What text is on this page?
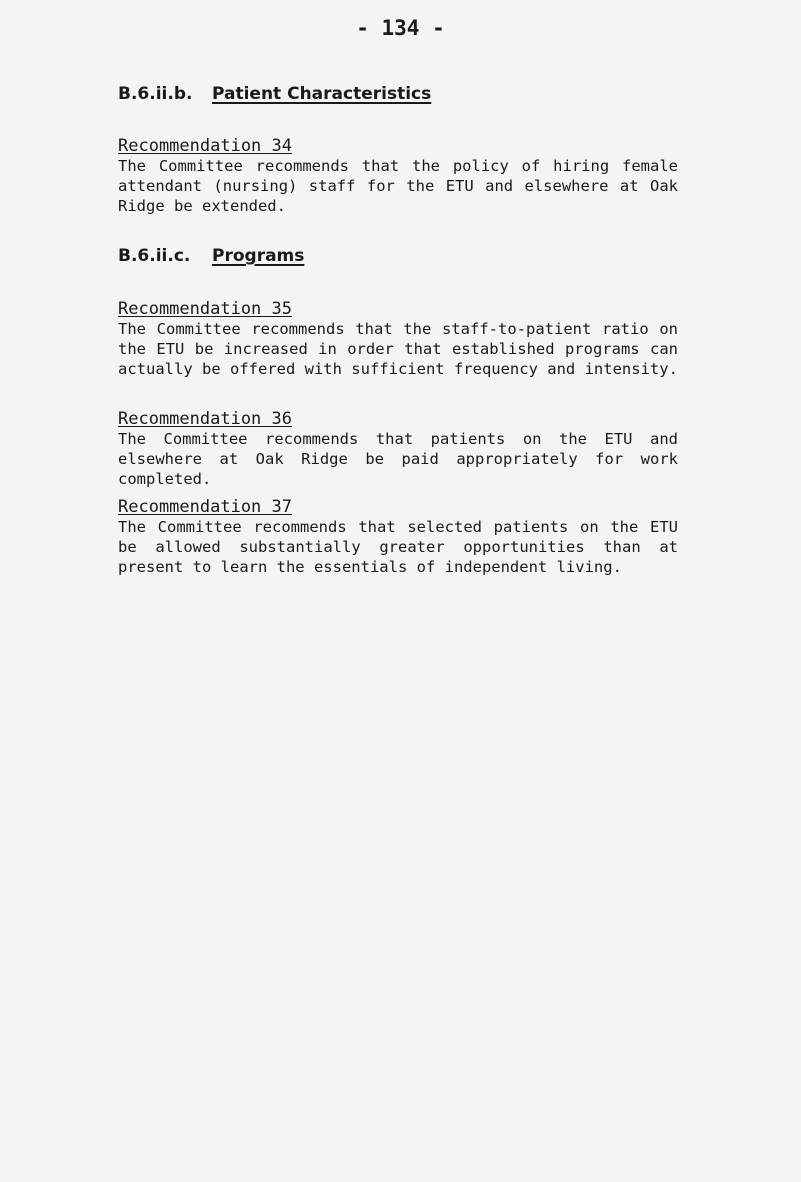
- 134 -
B.6.ii.b. Patient Characteristics
Recommendation 34
The Committee recommends that the policy of hiring female attendant (nursing) staff for the ETU and elsewhere at Oak Ridge be extended.
B.6.ii.c. Programs
Recommendation 35
The Committee recommends that the staff-to-patient ratio on the ETU be increased in order that established programs can actually be offered with sufficient frequency and intensity.
Recommendation 36
The Committee recommends that patients on the ETU and elsewhere at Oak Ridge be paid appropriately for work completed.
Recommendation 37
The Committee recommends that selected patients on the ETU be allowed substantially greater opportunities than at present to learn the essentials of independent living.
